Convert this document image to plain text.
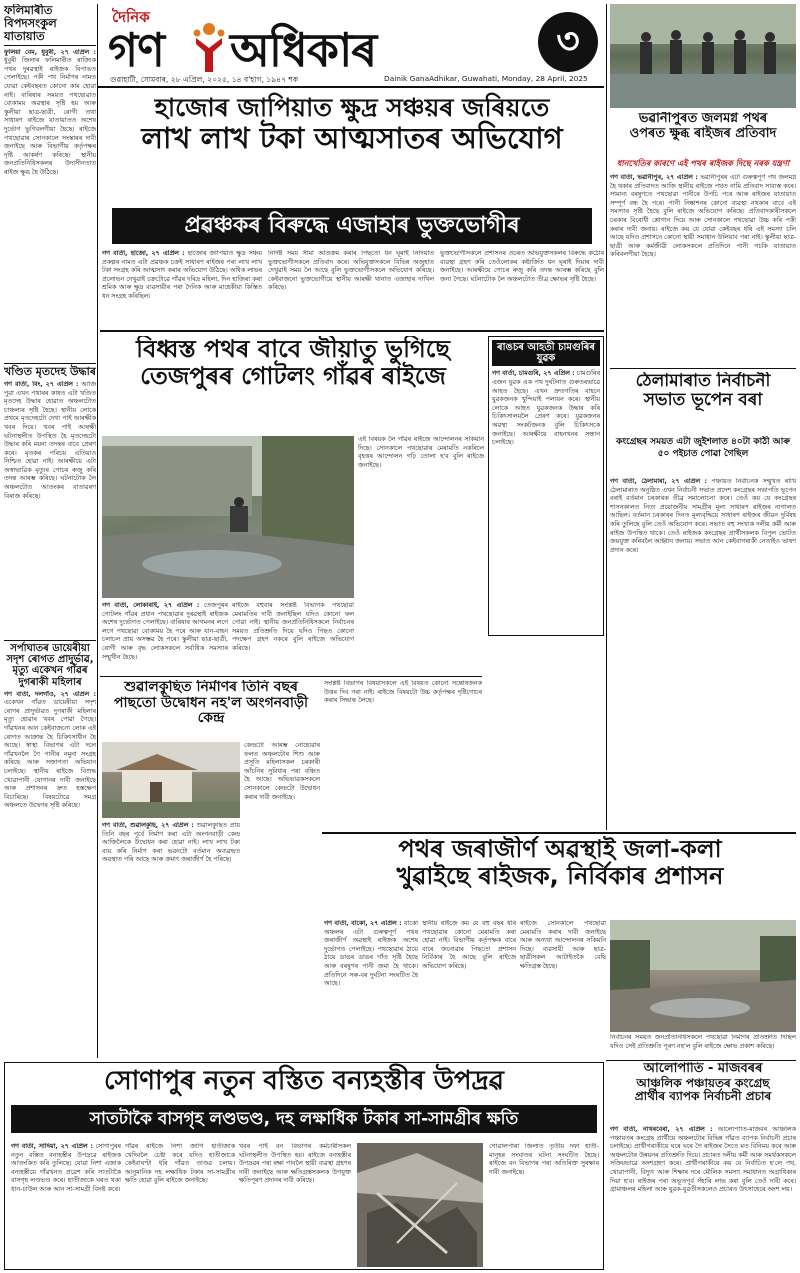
দৈনিক
গণ অধিকাৰ	৩
গুৱাহাটী, সোমবাৰ, ২৮ এপ্ৰিল, ২০২৫, ১৪ ব'হাগ, ১৯৪৭ শক	Dainik GanaAdhikar, Guwahati, Monday, 28 April, 2025
ফলিমাৰীত বিপদসংকুল যাতায়াত
ফুলিয়া বেম, ধুবুৰী, ২৭ এপ্ৰিল : ধুবুৰী জিলাৰ ফলিমাৰীত ৰাজ্যিক পথৰ দুৰৱস্থাই ৰাইজক বিপাঙত পেলাইছে। পকী পথ নিৰ্মাণৰ নামত যোৱা কেইবছৰত কোনো কাম হোৱা নাই। বাৰিষাৰ সময়ত পথছোৱাত বোকাময় অৱস্থাৰ সৃষ্টি হয় আৰু স্কুলীয়া ছাত্ৰ-ছাত্ৰী, ৰোগী তথা সাধাৰণ ৰাইজে যাতায়াতত অশেষ দুৰ্ভোগ ভুগিবলগীয়া হৈছে। ৰাইজে পথছোৱাৰ সোনকালে সংস্কাৰৰ দাবী জনাইছে আৰু বিভাগীয় কৰ্তৃপক্ষৰ দৃষ্টি আকৰ্ষণ কৰিছে। স্থানীয় জনপ্ৰতিনিধিসকলৰ উদাসীনতাত ৰাইজ ক্ষুব্ধ হৈ উঠিছে।
খণ্ডিত মৃতদেহ উদ্ধাৰ
গণ বাৰ্তা, বিং, ২৭ এপ্ৰিল : আজি পুৱা এখন পথাৰৰ কাষত এটা খণ্ডিত মৃতদেহ উদ্ধাৰ হোৱাত অঞ্চলটোত চাঞ্চল্যৰ সৃষ্টি হৈছে। স্থানীয় লোকে প্ৰথমে মৃতদেহটো দেখা পাই আৰক্ষীক খবৰ দিয়ে। খবৰ পাই আৰক্ষী ঘটনাস্থলীত উপস্থিত হৈ মৃতদেহটো উদ্ধাৰ কৰি ময়না তদন্তৰ বাবে প্ৰেৰণ কৰে। মৃতকৰ পৰিচয় এতিয়াও নিশ্চিত হোৱা নাই। আৰক্ষীয়ে এটা অস্বাভাৱিক মৃত্যুৰ গোচৰ ৰুজু কৰি তদন্ত আৰম্ভ কৰিছে। ঘটনাটোক লৈ অঞ্চলটোত আতংকৰ বাতাৱৰণ বিৰাজ কৰিছে।
সৰ্পাঘাতৰ ডায়েৰীয়া সদৃশ ৰোগত প্ৰাদুৰ্ভাৱ, মৃত্যু একেখন গাঁৱৰ দুগৰাকী মহিলাৰ
গণ বাৰ্তা, দলগাঁও, ২৭ এপ্ৰিল : একেখন গাঁৱত ডায়েৰীয়া সদৃশ ৰোগৰ প্ৰাদুৰ্ভাৱত দুগৰাকী মহিলাৰ মৃত্যু হোৱাৰ খবৰ পোৱা গৈছে। গাঁৱখনৰ আন কেইবাজনো লোক এই ৰোগত আক্ৰান্ত হৈ চিকিৎসাধীন হৈ আছে। স্বাস্থ্য বিভাগৰ এটা দলে গাঁৱখনলৈ গৈ পানীৰ নমুনা সংগ্ৰহ কৰিছে আৰু সজাগতা অভিযান চলাইছে। স্থানীয় ৰাইজে বিশুদ্ধ খোৱাপানী যোগানৰ দাবী জনাইছে আৰু প্ৰশাসনৰ দ্ৰুত হস্তক্ষেপ বিচাৰিছে। বিষয়টোৱে সমগ্ৰ অঞ্চলতে উদ্বেগৰ সৃষ্টি কৰিছে।
হাজোৰ জাপিয়াত ক্ষুদ্ৰ সঞ্চয়ৰ জৰিয়তে
লাখ লাখ টকা আত্মসাতৰ অভিযোগ
প্ৰৱঞ্চকৰ বিৰুদ্ধে এজাহাৰ ভুক্তভোগীৰ
গণ বাৰ্তা, হাজো, ২৭ এপ্ৰিল : হাজোৰ জাপিয়াত ক্ষুদ্ৰ সঞ্চয় প্ৰকল্পৰ নামত এটা প্ৰৱঞ্চক চক্ৰই সাধাৰণ ৰাইজৰ পৰা লাখ লাখ টকা সংগ্ৰহ কৰি আত্মসাৎ কৰাৰ অভিযোগ উঠিছে। অধিক লাভৰ প্ৰলোভন দেখুৱাই চক্ৰটোৱে গাঁৱৰ দৰিদ্ৰ মহিলা, দিন হাজিৰা কৰা শ্ৰমিক আৰু ক্ষুদ্ৰ ব্যৱসায়ীৰ পৰা দৈনিক আৰু মাহেকীয়া কিস্তিত ধন সংগ্ৰহ কৰিছিল।
নিৰ্দিষ্ট সময় সীমা অতিক্ৰম কৰাৰ পিছতো ধন ঘূৰাই নিদিয়াত ভুক্তভোগীসকলে প্ৰতিবাদ কৰে। অভিযুক্তসকলে বিভিন্ন অজুহাত দেখুৱাই সময় লৈ আছে বুলি ভুক্তভোগীসকলে অভিযোগ কৰিছে। কেইবাজনো ভুক্তভোগীয়ে স্থানীয় আৰক্ষী থানাত এজাহাৰ দাখিল কৰিছে।
ভুক্তভোগীসকলে প্ৰশাসনৰ ওচৰত অভিযুক্তসকলৰ বিৰুদ্ধে কঠোৰ ব্যৱস্থা গ্ৰহণ কৰি তেওঁলোকৰ কষ্টাৰ্জিত ধন ঘূৰাই দিয়াৰ দাবী জনাইছে। আৰক্ষীয়ে গোচৰ ৰুজু কৰি তদন্ত আৰম্ভ কৰিছে বুলি জনা গৈছে। ঘটনাটোক লৈ অঞ্চলটোত তীব্ৰ ক্ষোভৰ সৃষ্টি হৈছে।
বিধ্বস্ত পথৰ বাবে জীয়াতু ভুগিছে
তেজপুৰৰ গোটলং গাঁৱৰ ৰাইজে
গণ বাৰ্তা, লোকাৰাই, ২৭ এপ্ৰিল : তেজপুৰৰ গোটলং গাঁৱৰ প্ৰধান পথছোৱাৰ দুৰৱস্থাই ৰাইজক অশেষ দুৰ্ভোগত পেলাইছে। বাৰিষাৰ আগমনৰ লগে লগে পথছোৱা বোকাময় হৈ পৰে আৰু যান-বাহন চলাচল প্ৰায় অসম্ভৱ হৈ পৰে। স্কুলীয়া ছাত্ৰ-ছাত্ৰী, ৰোগী আৰু বৃদ্ধ লোকসকলে সৰ্বাধিক সমস্যাৰ সন্মুখীন হৈছে।
ৰাইজে বহুবাৰ সংশ্লিষ্ট বিভাগক পথছোৱা মেৰামতিৰ দাবী জনাইছিল যদিও কোনো ফল পোৱা নাই। স্থানীয় জনপ্ৰতিনিধিসকলে নিৰ্বাচনৰ সময়ত প্ৰতিশ্ৰুতি দিয়ে যদিও পিছত কোনো পদক্ষেপ গ্ৰহণ নকৰে বুলি ৰাইজে অভিযোগ কৰিছে।
এই বিষয়ক লৈ গাঁৱৰ ৰাইজে আন্দোলনৰ সকিয়নি দিছে। সোনকালে পথছোৱাৰ মেৰামতি নকৰিলে বৃহত্তৰ আন্দোলন গঢ়ি তোলা হ'ব বুলি ৰাইজে জনাইছে।
ৰাঙচৰ আহতী চামগুৰিৰ যুৱক
গণ বাৰ্তা, চামগুৰি, ২৭ এপ্ৰিল : চামগুৰিৰ এজন যুৱক এক পথ দুৰ্ঘটনাত গুৰুতৰভাৱে আহত হৈছে। এখন দ্ৰুতগতিৰ বাহনে যুৱকজনক খুন্দিয়াই পলায়ন কৰে। স্থানীয় লোকে আহত যুৱকজনক উদ্ধাৰ কৰি চিকিৎসালয়লৈ প্ৰেৰণ কৰে। যুৱকজনৰ অৱস্থা সংকটজনক বুলি চিকিৎসকে জনাইছে। আৰক্ষীয়ে বাহনখনৰ সন্ধান চলাইছে।
শুৱালকুছিত নিৰ্মাণৰ তিনি বছৰ
পাছতো উদ্বোধন নহ'ল অংগনবাড়ী কেন্দ্ৰ
গণ বাৰ্তা, শুৱালকুছি, ২৭ এপ্ৰিল : শুৱালকুছিত প্ৰায় তিনি বছৰ পূৰ্বে নিৰ্মাণ কৰা এটা অংগনবাড়ী কেন্দ্ৰ আজিলৈকে উদ্বোধন কৰা হোৱা নাই। লাখ লাখ টকা ব্যয় কৰি নিৰ্মাণ কৰা ভৱনটো বৰ্তমান অব্যৱহৃত অৱস্থাত পৰি আছে আৰু ক্ৰমাৎ জৰাজীৰ্ণ হৈ পৰিছে।
কেন্দ্ৰটো আৰম্ভ নোহোৱাৰ ফলত অঞ্চলটোৰ শিশু আৰু প্ৰসূতি মহিলাসকল চৰকাৰী আঁচনিৰ সুবিধাৰ পৰা বঞ্চিত হৈ আছে। অভিভাৱকসকলে সোনকালে কেন্দ্ৰটো উদ্বোধন কৰাৰ দাবী জনাইছে।
সংশ্লিষ্ট বিভাগৰ বিষয়াসকলে এই বিষয়ত কোনো সন্তোষজনক উত্তৰ দিব পৰা নাই। ৰাইজে বিষয়টো উচ্চ কৰ্তৃপক্ষৰ দৃষ্টিগোচৰ কৰাৰ সিদ্ধান্ত লৈছে।
ভৱানীপুৰত জলমগ্ন পথৰ
ওপৰত ক্ষুব্ধ ৰাইজৰ প্ৰতিবাদ
ধানখেতিৰ কাৰণে এই পথৰ ৰাইজক দিছে নৰক যন্ত্ৰণা
গণ বাৰ্তা, ভৱানীপুৰ, ২৭ এপ্ৰিল : ভৱানীপুৰৰ এটা গুৰুত্বপূৰ্ণ পথ জলমগ্ন হৈ থকাৰ প্ৰতিবাদত আজি স্থানীয় ৰাইজে পথত নামি প্ৰতিবাদ সাব্যস্ত কৰে। সামান্য বৰষুণতে পথছোৱা পানীৰে উপচি পৰে আৰু ৰাইজৰ যাতায়াত সম্পূৰ্ণ বন্ধ হৈ পৰে। পানী নিষ্কাশনৰ কোনো ব্যৱস্থা নথকাৰ বাবে এই সমস্যাৰ সৃষ্টি হৈছে বুলি ৰাইজে অভিযোগ কৰিছে। প্ৰতিবাদকাৰীসকলে চৰকাৰ বিৰোধী শ্লোগান দিয়ে আৰু সোনকালে পথছোৱা উচ্চ কৰি পকী কৰাৰ দাবী জনায়। ৰাইজে কয় যে যোৱা কেইবছৰ ধৰি এই সমস্যা চলি আছে যদিও প্ৰশাসনে কোনো স্থায়ী সমাধান উলিয়াব পৰা নাই। স্কুলীয়া ছাত্ৰ-ছাত্ৰী আৰু কৰ্মজীৱী লোকসকলে প্ৰতিদিনে পানী গচকি যাতায়াত কৰিবলগীয়া হৈছে।
ঠেলামাৰাত নিৰ্বাচনী
সভাত ভূপেন বৰা
কংগ্ৰেছৰ সময়ত এটা জুইশলাত ৪০টা কাঠী আৰু ৫০ পইচাত পোৱা গৈছিল
গণ বাৰ্তা, ঠেলামাৰা, ২৭ এপ্ৰিল : পঞ্চায়ত নিৰ্বাচনক সন্মুখত ৰাখি ঠেলামাৰাত অনুষ্ঠিত এখন নিৰ্বাচনী সভাত প্ৰদেশ কংগ্ৰেছৰ সভাপতি ভূপেন বৰাই বৰ্তমান চৰকাৰক তীব্ৰ সমালোচনা কৰে। তেওঁ কয় যে কংগ্ৰেছৰ শাসনকালত নিত্য প্ৰয়োজনীয় সামগ্ৰীৰ মূল্য সাধাৰণ ৰাইজৰ নাগালত আছিল। বৰ্তমান চৰকাৰৰ দিনত মূল্যবৃদ্ধিয়ে সাধাৰণ ৰাইজৰ জীৱন দুৰ্বিষহ কৰি তুলিছে বুলি তেওঁ অভিযোগ কৰে। সভাত বহু সংখ্যক দলীয় কৰ্মী আৰু ৰাইজ উপস্থিত থাকে। তেওঁ ৰাইজক কংগ্ৰেছৰ প্ৰাৰ্থীসকলক বিপুল ভোটত জয়যুক্ত কৰিবলৈ আহ্বান জনায়। সভাত আন কেইবাগৰাকী নেতাইও ভাষণ প্ৰদান কৰে।
পথৰ জৰাজীৰ্ণ অৱস্থাই জলা-কলা
খুৱাইছে ৰাইজক, নিৰ্বিকাৰ প্ৰশাসন
গণ বাৰ্তা, বাকো, ২৭ এপ্ৰিল : বাকো অঞ্চলৰ এটা গুৰুত্বপূৰ্ণ পথৰ জৰাজীৰ্ণ অৱস্থাই ৰাইজক অশেষ দুৰ্ভোগত পেলাইছে। পথছোৱাৰ ঠায়ে ঠায়ে ডাঙৰ ডাঙৰ গাঁত সৃষ্টি হৈছে আৰু বৰষুণৰ পানী জমা হৈ থাকে। প্ৰতিদিনে সৰু-বৰ দুৰ্ঘটনা সংঘটিত হৈ আছে।
স্থানীয় ৰাইজে কয় যে বহু বছৰ ধৰি পথছোৱাৰ কোনো মেৰামতি কৰা হোৱা নাই। বিভাগীয় কৰ্তৃপক্ষক বাৰে বাৰে জনোৱাৰ পিছতো প্ৰশাসন নিৰ্বিকাৰ হৈ আছে বুলি ৰাইজে অভিযোগ কৰিছে।
ৰাইজে সোনকালে পথছোৱা মেৰামতি কৰাৰ দাবী জনাইছে আৰু অন্যথা আন্দোলনৰ সকিয়নি দিছে। ব্যৱসায়ী আৰু ছাত্ৰ-ছাত্ৰীসকল আটাইতকৈ বেছি ক্ষতিগ্ৰস্ত হৈছে।
নিৰ্বাচনৰ সময়ত জনপ্ৰতিনিধিসকলে পথছোৱা নিৰ্মাণৰ প্ৰতিশ্ৰুতি দিছিল যদিও সেই প্ৰতিশ্ৰুতি পূৰণ নহ'ল বুলি ৰাইজে ক্ষোভ প্ৰকাশ কৰিছে।
আলোপাতি - মাজবৰৰ
আঞ্চলিক পঞ্চায়তৰ কংগ্ৰেছ
প্ৰাৰ্থীৰ ব্যাপক নিৰ্বাচনী প্ৰচাৰ
গণ বাৰ্তা, নাথৰবেৰা, ২৭ এপ্ৰিল : আলোপাতি-মাজবৰ আঞ্চলিক পঞ্চায়তৰ কংগ্ৰেছ প্ৰাৰ্থীয়ে অঞ্চলটোৰ বিভিন্ন গাঁৱত ব্যাপক নিৰ্বাচনী প্ৰচাৰ চলাইছে। প্ৰাৰ্থীগৰাকীয়ে ঘৰে ঘৰে গৈ ৰাইজৰ সৈতে মত বিনিময় কৰে আৰু অঞ্চলটোৰ উন্নয়নৰ প্ৰতিশ্ৰুতি দিয়ে। প্ৰচাৰত দলীয় কৰ্মী আৰু সমৰ্থকসকলে সক্ৰিয়ভাৱে অংশগ্ৰহণ কৰে। প্ৰাৰ্থীগৰাকীয়ে কয় যে নিৰ্বাচিত হ'লে পথ, খোৱাপানী, বিদ্যুৎ আৰু শিক্ষাৰ দৰে মৌলিক সমস্যা সমাধানত অগ্ৰাধিকাৰ দিয়া হ'ব। ৰাইজৰ পৰা অভূতপূৰ্ব সঁহাৰি লাভ কৰা বুলি তেওঁ দাবী কৰে। গ্ৰামাঞ্চলৰ মহিলা আৰু যুৱক-যুৱতীসকলেও প্ৰচাৰত উৎসাহেৰে অংশ লয়।
সোণাপুৰ নতুন বস্তিত বন্যহস্তীৰ উপদ্ৰৱ
সাতটাকৈ বাসগৃহ লণ্ডভণ্ড, দহ লক্ষাধিক টকাৰ সা-সামগ্ৰীৰ ক্ষতি
গণ বাৰ্তা, সাদিয়া, ২৭ এপ্ৰিল : সোণাপুৰৰ নতুন বস্তিত বন্যহস্তীৰ উপদ্ৰৱে ৰাইজক আতংকিত কৰি তুলিছে। যোৱা নিশা এজাক বন্যহস্তীয়ে গাঁৱখনত প্ৰৱেশ কৰি সাতটাকৈ বাসগৃহ লণ্ডভণ্ড কৰে। হাতীজাকে ঘৰত থকা ধান-চাউল আৰু আন সা-সামগ্ৰী বিনষ্ট কৰে।
গাঁৱৰ ৰাইজে নিশা জাগি হাতীজাক খেদিবলৈ চেষ্টা কৰে যদিও হাতীজাকে কেইবাঘণ্টা ধৰি গাঁৱত তাণ্ডৱ চলায়। আনুমানিক দহ লক্ষাধিক টকাৰ সা-সামগ্ৰীৰ ক্ষতি হোৱা বুলি ৰাইজে জনাইছে।
খবৰ পাই বন বিভাগৰ কৰ্মচাৰীসকল ঘটনাস্থলীত উপস্থিত হয়। ৰাইজে বন্যহস্তীৰ উপদ্ৰৱৰ পৰা ৰক্ষা পাবলৈ স্থায়ী ব্যৱস্থা গ্ৰহণৰ দাবী জনাইছে আৰু ক্ষতিগ্ৰস্তসকলক উপযুক্ত ক্ষতিপূৰণ প্ৰদানৰ দাবী কৰিছে।
গোৱালপাৰা জিলাত তৃতীয় দফা হাতী-মানুহৰ সংঘাতৰ ঘটনা সংঘটিত হৈছে। ৰাইজে বন বিভাগৰ পৰা অতিৰিক্ত সুৰক্ষাৰ দাবী জনাইছে।
